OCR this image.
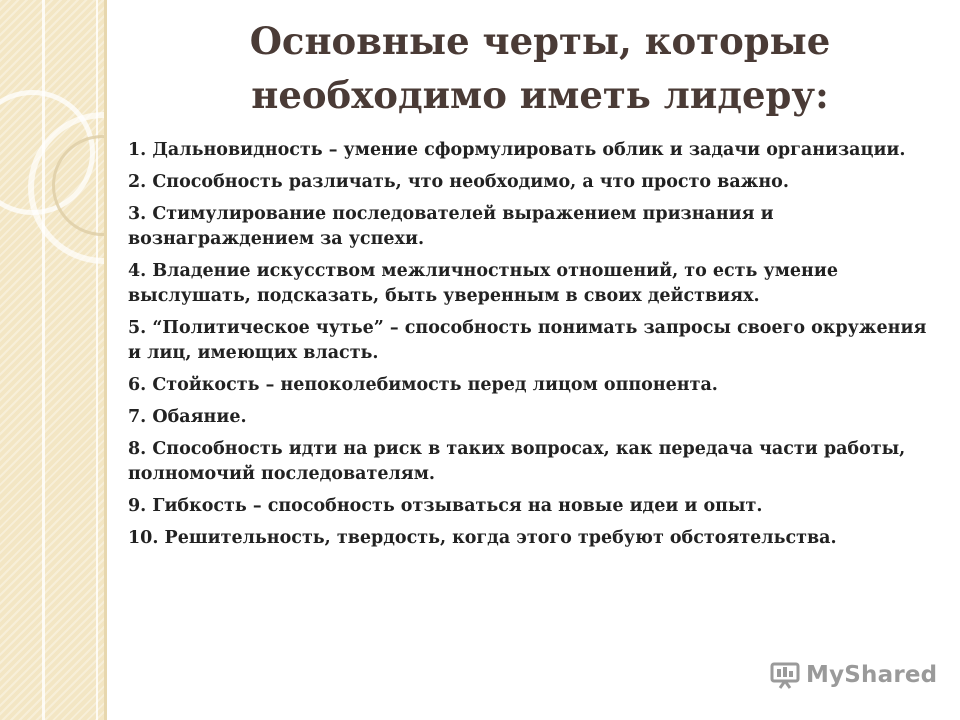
Основные черты, которые
необходимо иметь лидеру:
1. Дальновидность – умение сформулировать облик и задачи организации.
2. Способность различать, что необходимо, а что просто важно.
3. Стимулирование последователей выражением признания и вознаграждением за успехи.
4. Владение искусством межличностных отношений, то есть умение выслушать, подсказать, быть уверенным в своих действиях.
5. “Политическое чутье” – способность понимать запросы своего окружения и лиц, имеющих власть.
6. Стойкость – непоколебимость перед лицом оппонента.
7. Обаяние.
8. Способность идти на риск в таких вопросах, как передача части работы, полномочий последователям.
9. Гибкость – способность отзываться на новые идеи и опыт.
10. Решительность, твердость, когда этого требуют обстоятельства.
MyShared
